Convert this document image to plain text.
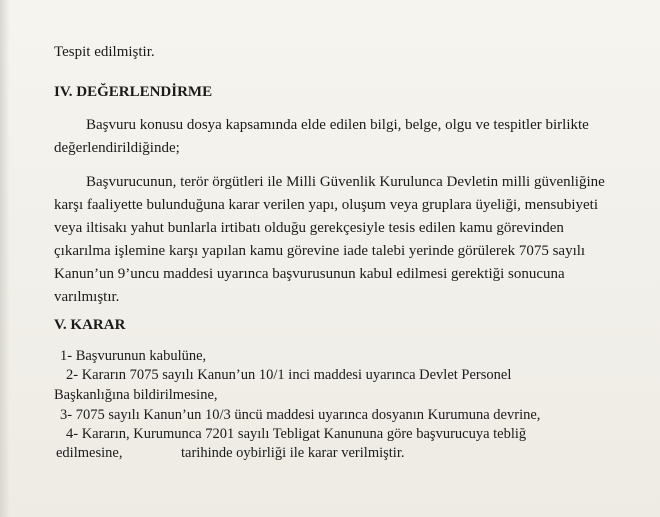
Tespit edilmiştir.
IV. DEĞERLENDİRME
Başvuru konusu dosya kapsamında elde edilen bilgi, belge, olgu ve tespitler birlikte
değerlendirildiğinde;
Başvurucunun, terör örgütleri ile Milli Güvenlik Kurulunca Devletin milli güvenliğine
karşı faaliyette bulunduğuna karar verilen yapı, oluşum veya gruplara üyeliği, mensubiyeti
veya iltisakı yahut bunlarla irtibatı olduğu gerekçesiyle tesis edilen kamu görevinden
çıkarılma işlemine karşı yapılan kamu görevine iade talebi yerinde görülerek 7075 sayılı
Kanun’un 9’uncu maddesi uyarınca başvurusunun kabul edilmesi gerektiği sonucuna
varılmıştır.
V. KARAR
1- Başvurunun kabulüne,
2- Kararın 7075 sayılı Kanun’un 10/1 inci maddesi uyarınca Devlet Personel
Başkanlığına bildirilmesine,
3- 7075 sayılı Kanun’un 10/3 üncü maddesi uyarınca dosyanın Kurumuna devrine,
4- Kararın, Kurumunca 7201 sayılı Tebligat Kanununa göre başvurucuya tebliğ
edilmesine,	tarihinde oybirliği ile karar verilmiştir.
